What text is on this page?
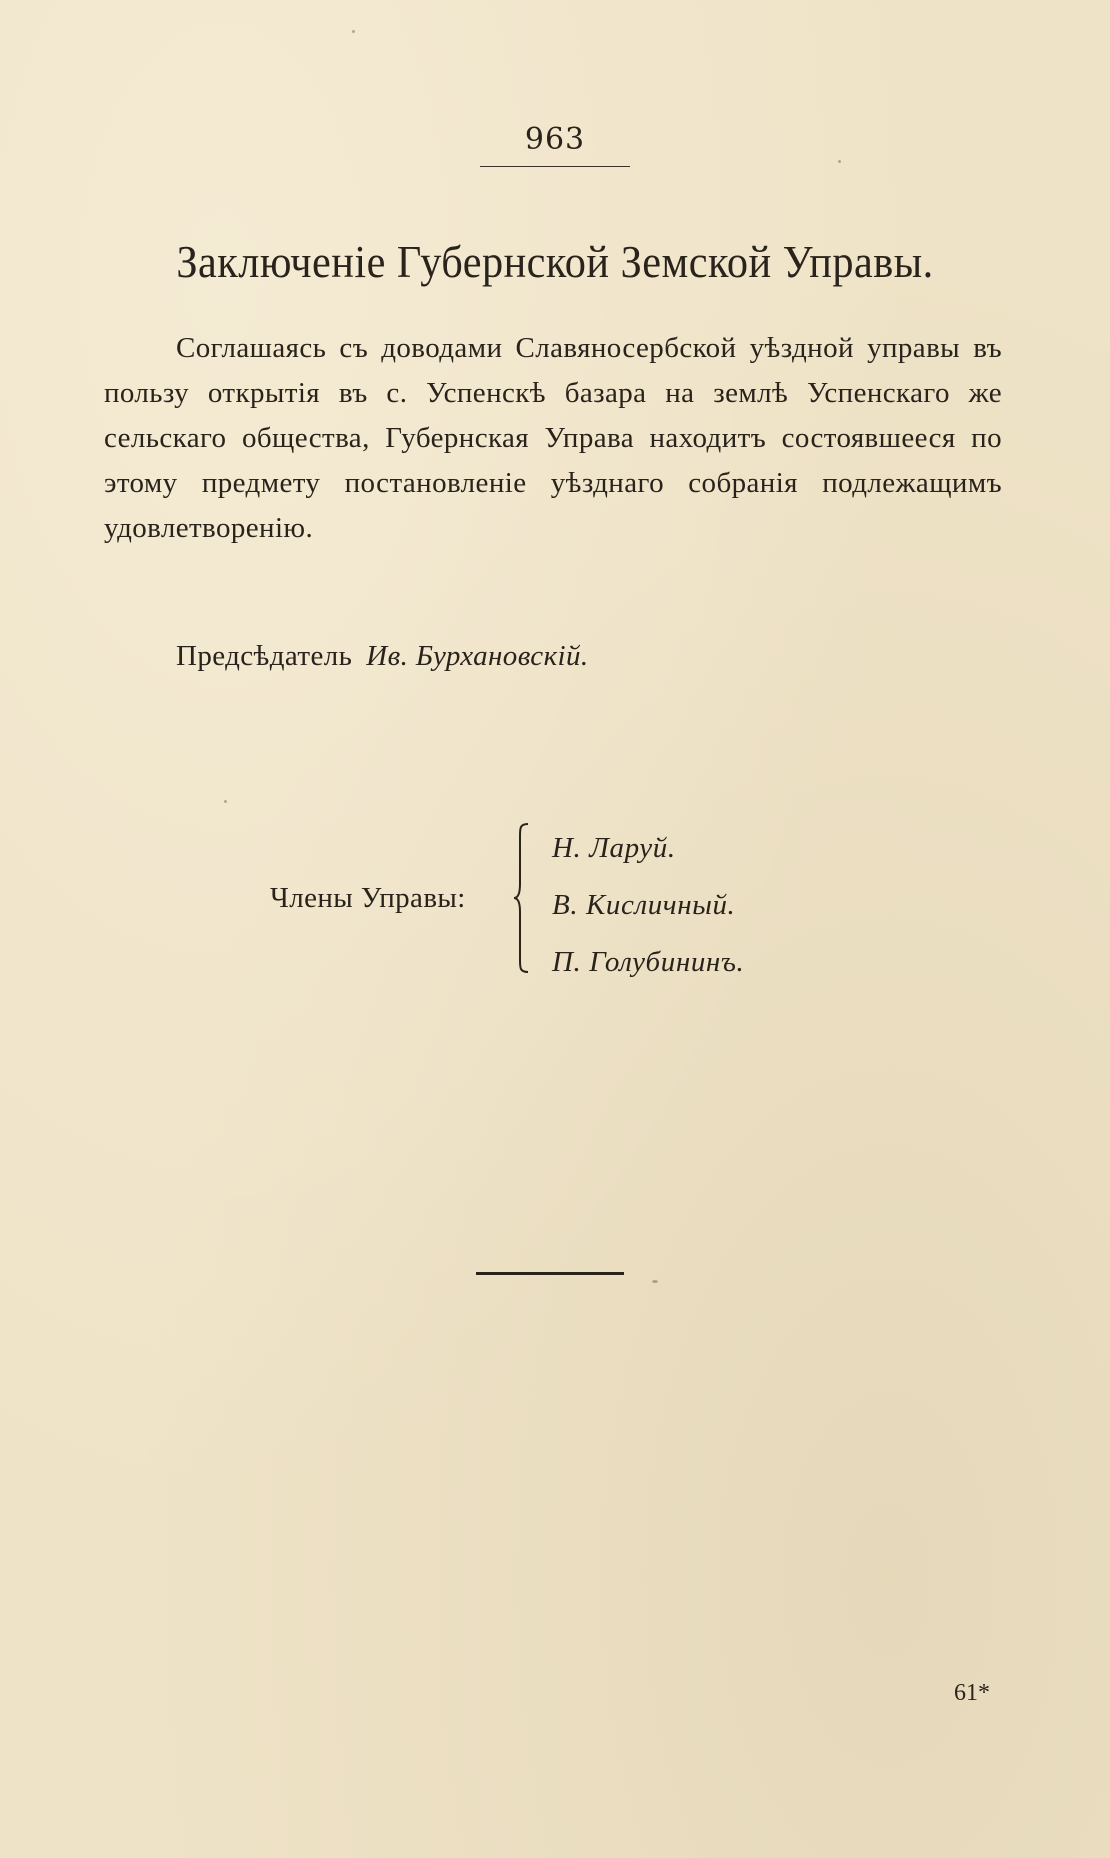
963
Заключеніе Губернской Земской Управы.

Соглашаясь съ доводами Славяносербской уѣздной управы въ пользу открытія въ с. Успенскѣ базара на землѣ Успенскаго же сельскаго общества, Губернская Управа находитъ состоявшееся по этому предмету постановленіе уѣзднаго собранія подлежащимъ удовлетворенію.

Предсѣдатель Ив. Бурхановскій.
Члены Управы:
Н. Ларуй.
В. Кисличный.
П. Голубининъ.
61*
